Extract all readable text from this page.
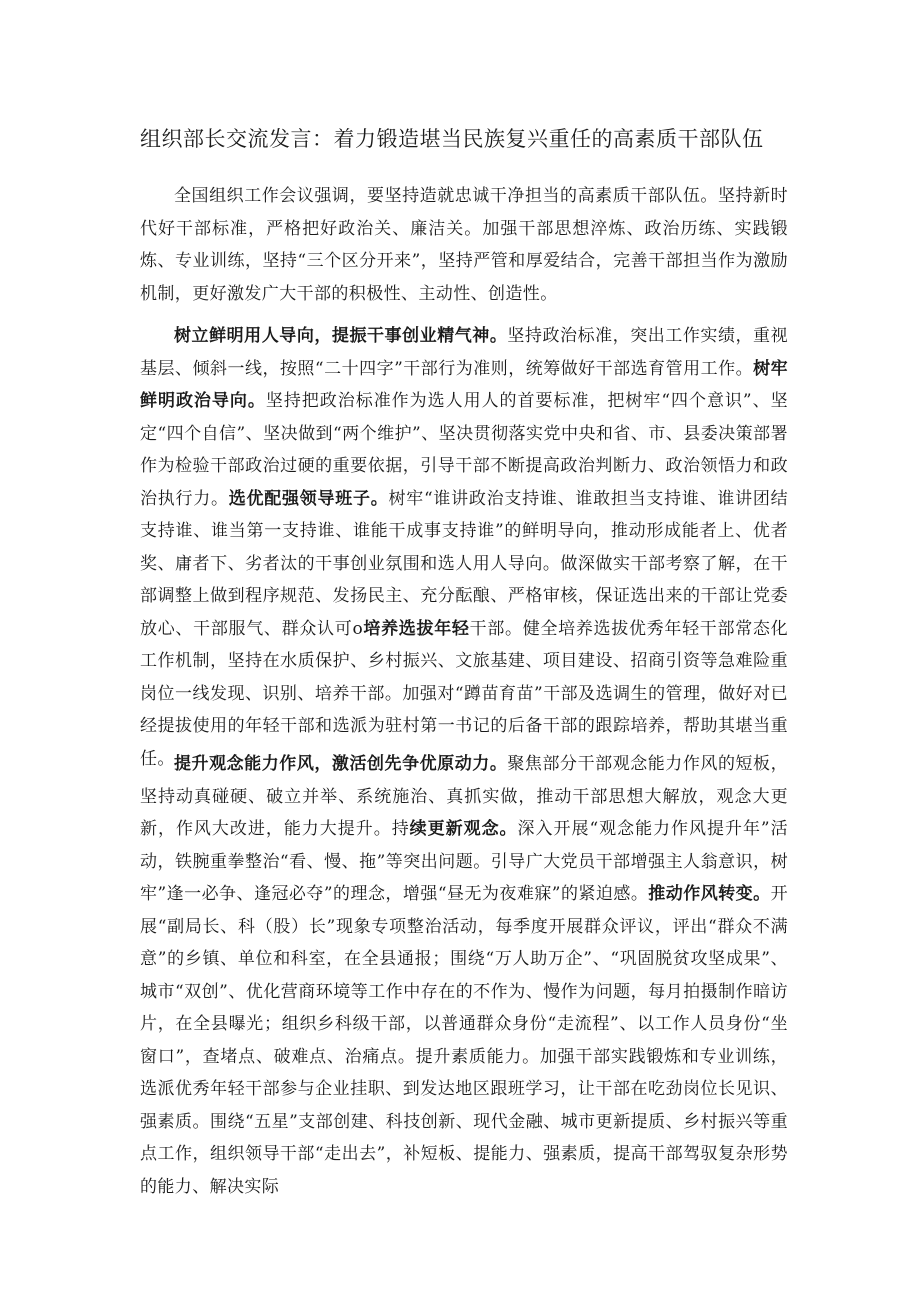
组织部长交流发言：着力锻造堪当民族复兴重任的高素质干部队伍

全国组织工作会议强调，要坚持造就忠诚干净担当的高素质干部队伍。坚持新时代好干部标准，严格把好政治关、廉洁关。加强干部思想淬炼、政治历练、实践锻炼、专业训练，坚持“三个区分开来”，坚持严管和厚爱结合，完善干部担当作为激励机制，更好激发广大干部的积极性、主动性、创造性。

树立鲜明用人导向，提振干事创业精气神。坚持政治标准，突出工作实绩，重视基层、倾斜一线，按照“二十四字”干部行为准则，统筹做好干部选育管用工作。树牢鲜明政治导向。坚持把政治标准作为选人用人的首要标准，把树牢“四个意识”、坚定“四个自信”、坚决做到“两个维护”、坚决贯彻落实党中央和省、市、县委决策部署作为检验干部政治过硬的重要依据，引导干部不断提高政治判断力、政治领悟力和政治执行力。选优配强领导班子。树牢“谁讲政治支持谁、谁敢担当支持谁、谁讲团结支持谁、谁当第一支持谁、谁能干成事支持谁”的鲜明导向，推动形成能者上、优者奖、庸者下、劣者汰的干事创业氛围和选人用人导向。做深做实干部考察了解，在干部调整上做到程序规范、发扬民主、充分酝酿、严格审核，保证选出来的干部让党委放心、干部服气、群众认可o培养选拔年轻干部。健全培养选拔优秀年轻干部常态化工作机制，坚持在水质保护、乡村振兴、文旅基建、项目建设、招商引资等急难险重岗位一线发现、识别、培养干部。加强对“蹲苗育苗”干部及选调生的管理，做好对已经提拔使用的年轻干部和选派为驻村第一书记的后备干部的跟踪培养，帮助其堪当重任。 提升观念能力作风，激活创先争优原动力。聚焦部分干部观念能力作风的短板，坚持动真碰硬、破立并举、系统施治、真抓实做，推动干部思想大解放，观念大更新，作风大改进，能力大提升。持续更新观念。深入开展“观念能力作风提升年”活动，铁腕重拳整治“看、慢、拖”等突出问题。引导广大党员干部增强主人翁意识，树牢”逢一必争、逢冠必夺”的理念，增强“昼无为夜难寐”的紧迫感。推动作风转变。开展“副局长、科（股）长”现象专项整治活动，每季度开展群众评议，评出“群众不满意”的乡镇、单位和科室，在全县通报；围绕“万人助万企”、“巩固脱贫攻坚成果”、城市“双创”、优化营商环境等工作中存在的不作为、慢作为问题，每月拍摄制作暗访片，在全县曝光；组织乡科级干部，以普通群众身份“走流程”、以工作人员身份“坐窗口”，查堵点、破难点、治痛点。提升素质能力。加强干部实践锻炼和专业训练，选派优秀年轻干部参与企业挂职、到发达地区跟班学习，让干部在吃劲岗位长见识、强素质。围绕“五星”支部创建、科技创新、现代金融、城市更新提质、乡村振兴等重点工作，组织领导干部“走出去”，补短板、提能力、强素质，提高干部驾驭复杂形势的能力、解决实际
